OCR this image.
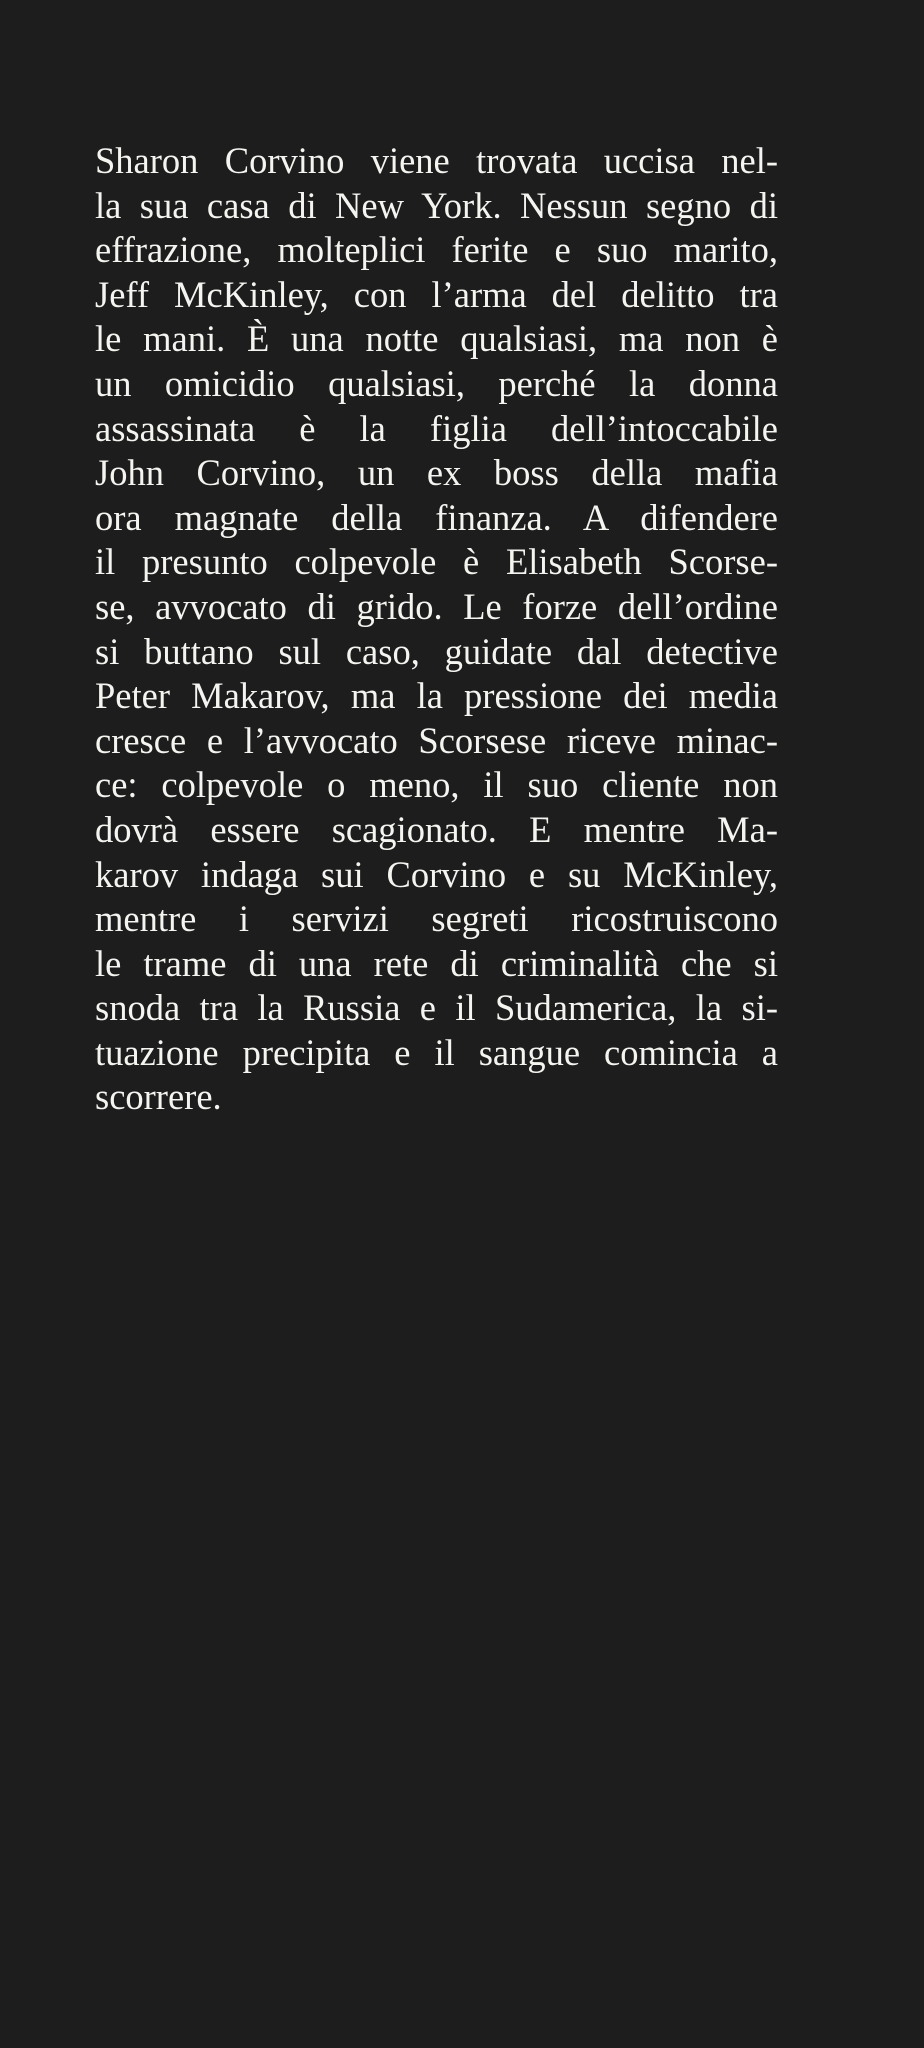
Sharon Corvino viene trovata uccisa nel-
la sua casa di New York. Nessun segno di
effrazione, molteplici ferite e suo marito,
Jeff McKinley, con l’arma del delitto tra
le mani. È una notte qualsiasi, ma non è
un omicidio qualsiasi, perché la donna
assassinata è la figlia dell’intoccabile
John Corvino, un ex boss della mafia
ora magnate della finanza. A difendere
il presunto colpevole è Elisabeth Scorse-
se, avvocato di grido. Le forze dell’ordine
si buttano sul caso, guidate dal detective
Peter Makarov, ma la pressione dei media
cresce e l’avvocato Scorsese riceve minac-
ce: colpevole o meno, il suo cliente non
dovrà essere scagionato. E mentre Ma-
karov indaga sui Corvino e su McKinley,
mentre i servizi segreti ricostruiscono
le trame di una rete di criminalità che si
snoda tra la Russia e il Sudamerica, la si-
tuazione precipita e il sangue comincia a
scorrere.
